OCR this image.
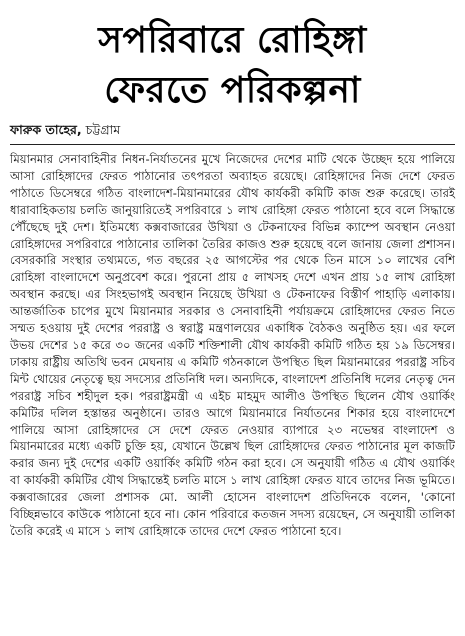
সপরিবারে রোহিঙ্গা
ফেরতে পরিকল্পনা
ফারুক তাহের, চট্টগ্রাম
মিয়ানমার সেনাবাহিনীর নিধন-নির্যাতনের মুখে নিজেদের দেশের মাটি থেকে উচ্ছেদ হয়ে পালিয়ে আসা রোহিঙ্গাদের ফেরত পাঠানোর তৎপরতা অব্যাহত রয়েছে। রোহিঙ্গাদের নিজ দেশে ফেরত পাঠাতে ডিসেম্বরে গঠিত বাংলাদেশ-মিয়ানমারের যৌথ কার্যকরী কমিটি কাজ শুরু করেছে। তারই ধারাবাহিকতায় চলতি জানুয়ারিতেই সপরিবারে ১ লাখ রোহিঙ্গা ফেরত পাঠানো হবে বলে সিদ্ধান্তে পৌঁছেছে দুই দেশ। ইতিমধ্যে কক্সবাজারের উখিয়া ও টেকনাফের বিভিন্ন ক্যাম্পে অবস্থান নেওয়া রোহিঙ্গাদের সপরিবারে পাঠানোর তালিকা তৈরির কাজও শুরু হয়েছে বলে জানায় জেলা প্রশাসন। বেসরকারি সংস্থার তথ্যমতে, গত বছরের ২৫ আগস্টের পর থেকে তিন মাসে ১০ লাখের বেশি রোহিঙ্গা বাংলাদেশে অনুপ্রবেশ করে। পুরনো প্রায় ৫ লাখসহ দেশে এখন প্রায় ১৫ লাখ রোহিঙ্গা অবস্থান করছে। এর সিংহভাগই অবস্থান নিয়েছে উখিয়া ও টেকনাফের বিস্তীর্ণ পাহাড়ি এলাকায়। আন্তর্জাতিক চাপের মুখে মিয়ানমার সরকার ও সেনাবাহিনী পর্যায়ক্রমে রোহিঙ্গাদের ফেরত নিতে সম্মত হওয়ায় দুই দেশের পররাষ্ট্র ও স্বরাষ্ট্র মন্ত্রণালয়ের একাধিক বৈঠকও অনুষ্ঠিত হয়। এর ফলে উভয় দেশের ১৫ করে ৩০ জনের একটি শক্তিশালী যৌথ কার্যকরী কমিটি গঠিত হয় ১৯ ডিসেম্বর। ঢাকায় রাষ্ট্রীয় অতিথি ভবন মেঘনায় এ কমিটি গঠনকালে উপস্থিত ছিল মিয়ানমারের পররাষ্ট্র সচিব মিন্ট থোয়ের নেতৃত্বে ছয় সদস্যের প্রতিনিধি দল। অন্যদিকে, বাংলাদেশ প্রতিনিধি দলের নেতৃত্ব দেন পররাষ্ট্র সচিব শহীদুল হক। পররাষ্ট্রমন্ত্রী এ এইচ মাহমুদ আলীও উপস্থিত ছিলেন যৌথ ওয়ার্কিং কমিটির দলিল হস্তান্তর অনুষ্ঠানে। তারও আগে মিয়ানমারে নির্যাতনের শিকার হয়ে বাংলাদেশে পালিয়ে আসা রোহিঙ্গাদের সে দেশে ফেরত নেওয়ার ব্যাপারে ২৩ নভেম্বর বাংলাদেশ ও মিয়ানমারের মধ্যে একটি চুক্তি হয়, যেখানে উল্লেখ ছিল রোহিঙ্গাদের ফেরত পাঠানোর মূল কাজটি করার জন্য দুই দেশের একটি ওয়ার্কিং কমিটি গঠন করা হবে। সে অনুযায়ী গঠিত এ যৌথ ওয়ার্কিং বা কার্যকরী কমিটির যৌথ সিদ্ধান্তেই চলতি মাসে ১ লাখ রোহিঙ্গা ফেরত যাবে তাদের নিজ ভূমিতে। কক্সবাজারের জেলা প্রশাসক মো. আলী হোসেন বাংলাদেশ প্রতিদিনকে বলেন, 'কোনো বিচ্ছিন্নভাবে কাউকে পাঠানো হবে না। কোন পরিবারে কতজন সদস্য রয়েছেন, সে অনুযায়ী তালিকা তৈরি করেই এ মাসে ১ লাখ রোহিঙ্গাকে তাদের দেশে ফেরত পাঠানো হবে।
